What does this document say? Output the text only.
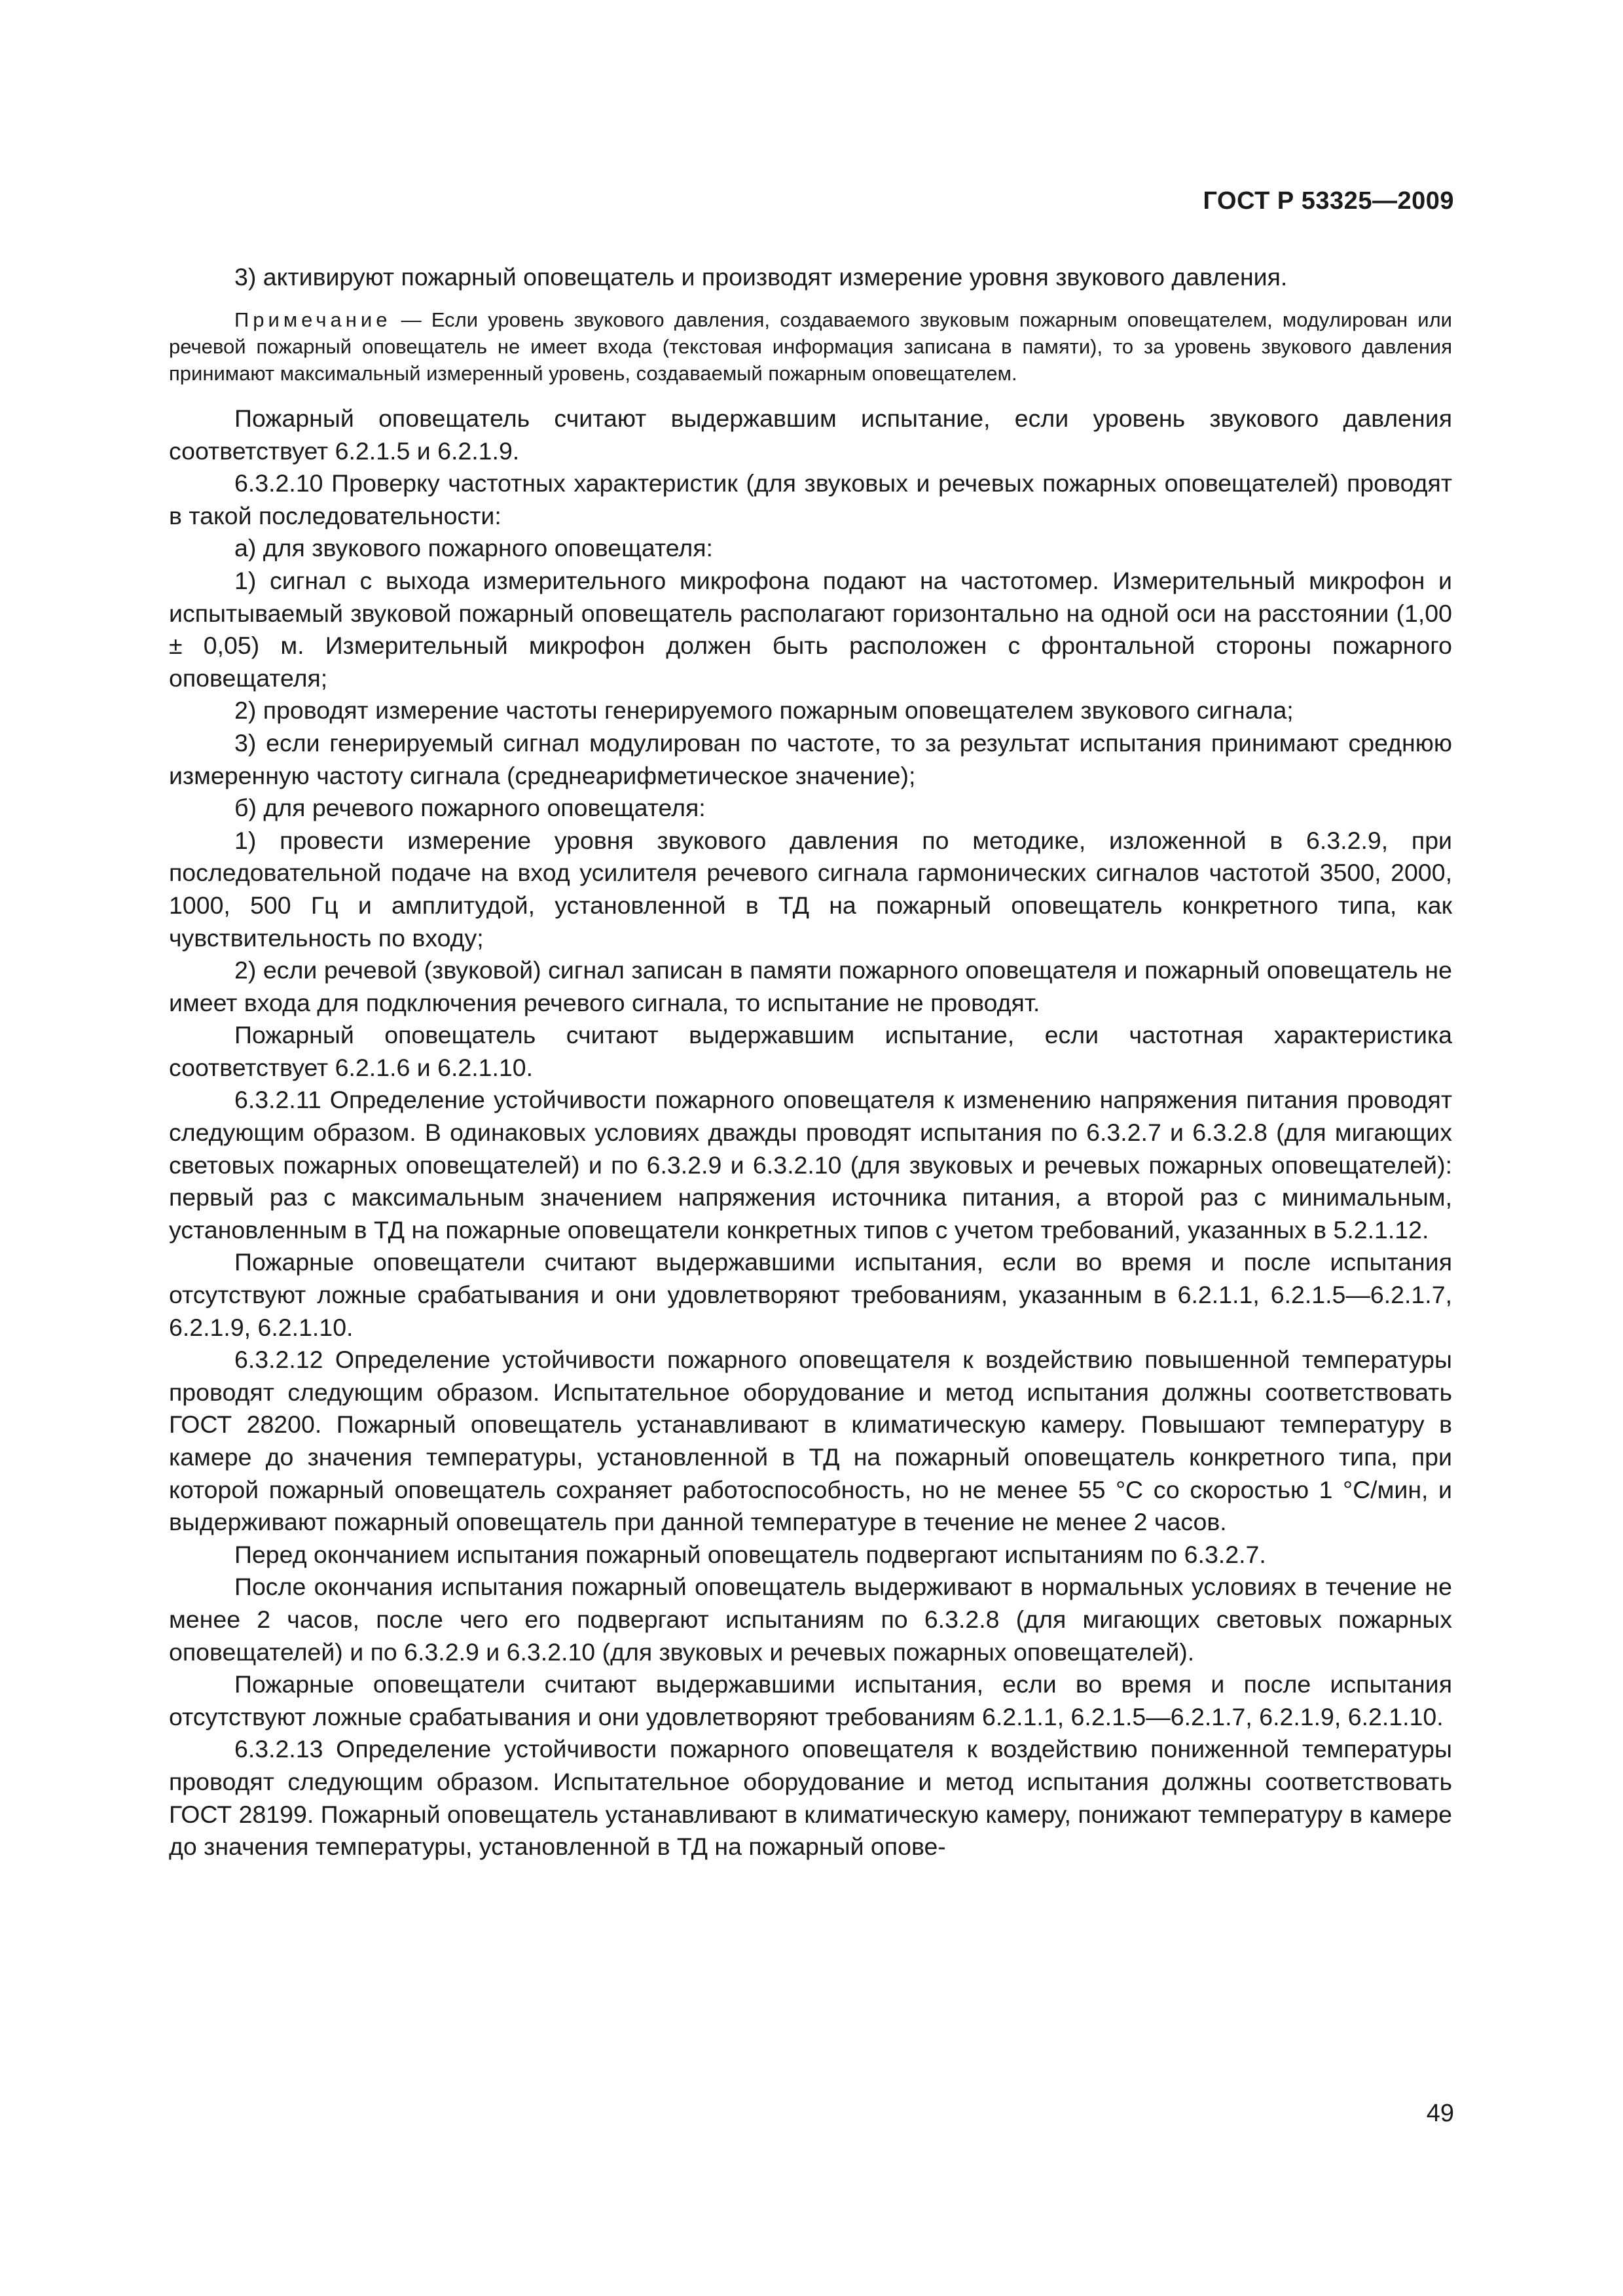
ГОСТ Р 53325—2009

3) активируют пожарный оповещатель и производят измерение уровня звукового давления.

Примечание — Если уровень звукового давления, создаваемого звуковым пожарным оповещателем, модулирован или речевой пожарный оповещатель не имеет входа (текстовая информация записана в памяти), то за уровень звукового давления принимают максимальный измеренный уровень, создаваемый пожарным оповещателем.

Пожарный оповещатель считают выдержавшим испытание, если уровень звукового давления соответствует 6.2.1.5 и 6.2.1.9.

6.3.2.10 Проверку частотных характеристик (для звуковых и речевых пожарных оповещателей) проводят в такой последовательности:

а) для звукового пожарного оповещателя:

1) сигнал с выхода измерительного микрофона подают на частотомер. Измерительный микрофон и испытываемый звуковой пожарный оповещатель располагают горизонтально на одной оси на расстоянии (1,00 ± 0,05) м. Измерительный микрофон должен быть расположен с фронтальной стороны пожарного оповещателя;

2) проводят измерение частоты генерируемого пожарным оповещателем звукового сигнала;

3) если генерируемый сигнал модулирован по частоте, то за результат испытания принимают среднюю измеренную частоту сигнала (среднеарифметическое значение);

б) для речевого пожарного оповещателя:

1) провести измерение уровня звукового давления по методике, изложенной в 6.3.2.9, при последовательной подаче на вход усилителя речевого сигнала гармонических сигналов частотой 3500, 2000, 1000, 500 Гц и амплитудой, установленной в ТД на пожарный оповещатель конкретного типа, как чувствительность по входу;

2) если речевой (звуковой) сигнал записан в памяти пожарного оповещателя и пожарный оповещатель не имеет входа для подключения речевого сигнала, то испытание не проводят.

Пожарный оповещатель считают выдержавшим испытание, если частотная характеристика соответствует 6.2.1.6 и 6.2.1.10.

6.3.2.11 Определение устойчивости пожарного оповещателя к изменению напряжения питания проводят следующим образом. В одинаковых условиях дважды проводят испытания по 6.3.2.7 и 6.3.2.8 (для мигающих световых пожарных оповещателей) и по 6.3.2.9 и 6.3.2.10 (для звуковых и речевых пожарных оповещателей): первый раз с максимальным значением напряжения источника питания, а второй раз с минимальным, установленным в ТД на пожарные оповещатели конкретных типов с учетом требований, указанных в 5.2.1.12.

Пожарные оповещатели считают выдержавшими испытания, если во время и после испытания отсутствуют ложные срабатывания и они удовлетворяют требованиям, указанным в 6.2.1.1, 6.2.1.5—6.2.1.7, 6.2.1.9, 6.2.1.10.

6.3.2.12 Определение устойчивости пожарного оповещателя к воздействию повышенной температуры проводят следующим образом. Испытательное оборудование и метод испытания должны соответствовать ГОСТ 28200. Пожарный оповещатель устанавливают в климатическую камеру. Повышают температуру в камере до значения температуры, установленной в ТД на пожарный оповещатель конкретного типа, при которой пожарный оповещатель сохраняет работоспособность, но не менее 55 °С со скоростью 1 °С/мин, и выдерживают пожарный оповещатель при данной температуре в течение не менее 2 часов.

Перед окончанием испытания пожарный оповещатель подвергают испытаниям по 6.3.2.7.

После окончания испытания пожарный оповещатель выдерживают в нормальных условиях в течение не менее 2 часов, после чего его подвергают испытаниям по 6.3.2.8 (для мигающих световых пожарных оповещателей) и по 6.3.2.9 и 6.3.2.10 (для звуковых и речевых пожарных оповещателей).

Пожарные оповещатели считают выдержавшими испытания, если во время и после испытания отсутствуют ложные срабатывания и они удовлетворяют требованиям 6.2.1.1, 6.2.1.5—6.2.1.7, 6.2.1.9, 6.2.1.10.

6.3.2.13 Определение устойчивости пожарного оповещателя к воздействию пониженной температуры проводят следующим образом. Испытательное оборудование и метод испытания должны соответствовать ГОСТ 28199. Пожарный оповещатель устанавливают в климатическую камеру, понижают температуру в камере до значения температуры, установленной в ТД на пожарный опове-

49
